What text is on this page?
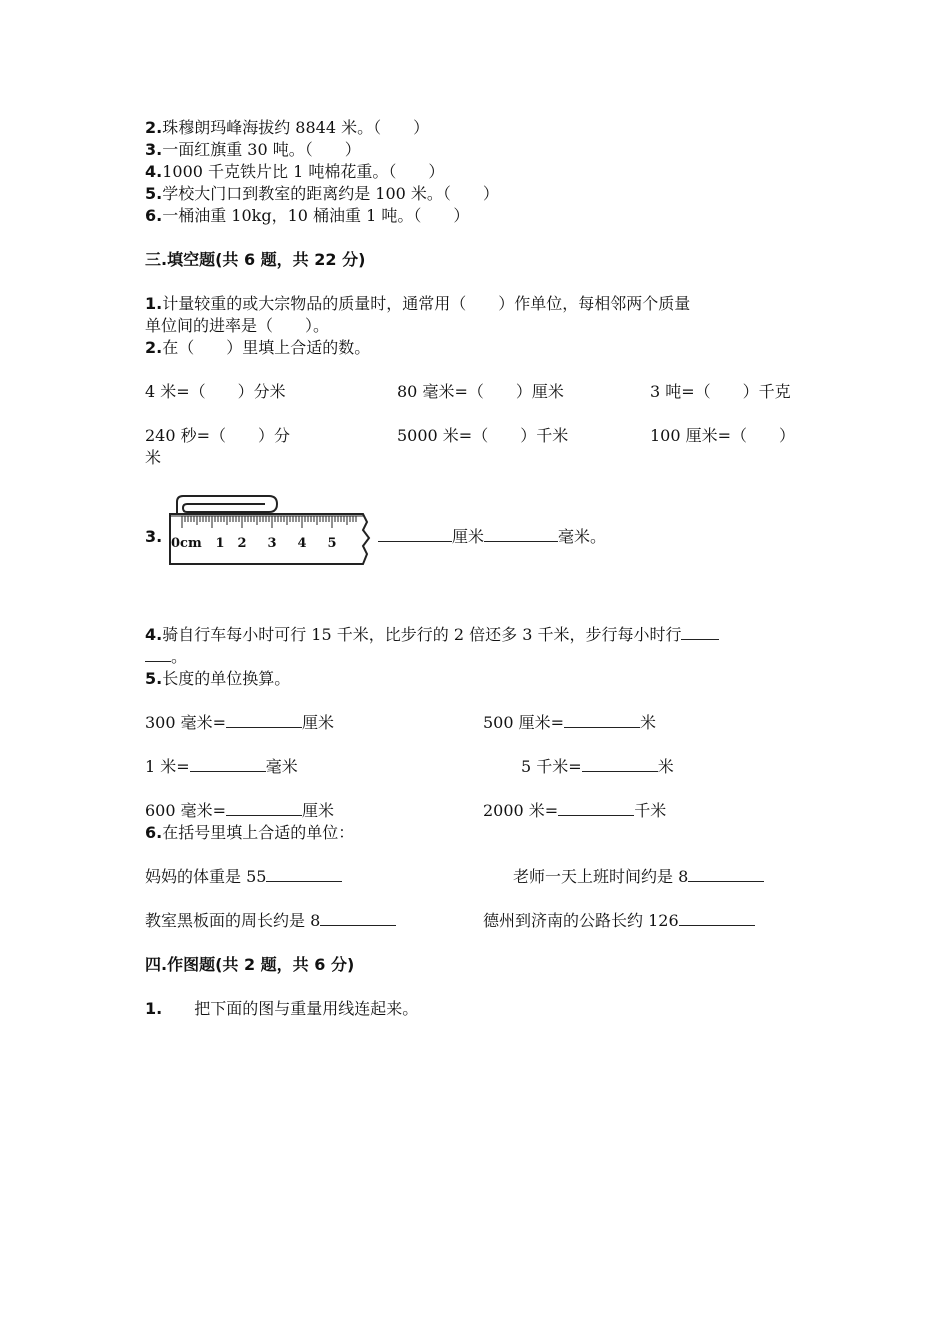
2.珠穆朗玛峰海拔约 8844 米。（　　）
3.一面红旗重 30 吨。（　　）
4.1000 千克铁片比 1 吨棉花重。（　　）
5.学校大门口到教室的距离约是 100 米。（　　）
6.一桶油重 10kg，10 桶油重 1 吨。（　　）
三.填空题(共 6 题，共 22 分)
1.计量较重的或大宗物品的质量时，通常用（　　）作单位，每相邻两个质量
单位间的进率是（　　）。
2.在（　　）里填上合适的数。
4 米=（　　）分米	80 毫米=（　　）厘米	3 吨=（　　）千克
240 秒=（　　）分	5000 米=（　　）千米	100 厘米=（　　）
米
3. 0cm 1 2 3 4 5	厘米	毫米。
4.骑自行车每小时可行 15 千米，比步行的 2 倍还多 3 千米，步行每小时行
。
5.长度的单位换算。
300 毫米=	厘米	500 厘米=	米
1 米=	毫米	5 千米=	米
600 毫米=	厘米	2000 米=	千米
6.在括号里填上合适的单位：
妈妈的体重是 55	老师一天上班时间约是 8
教室黑板面的周长约是 8	德州到济南的公路长约 126
四.作图题(共 2 题，共 6 分)
1. 把下面的图与重量用线连起来。
